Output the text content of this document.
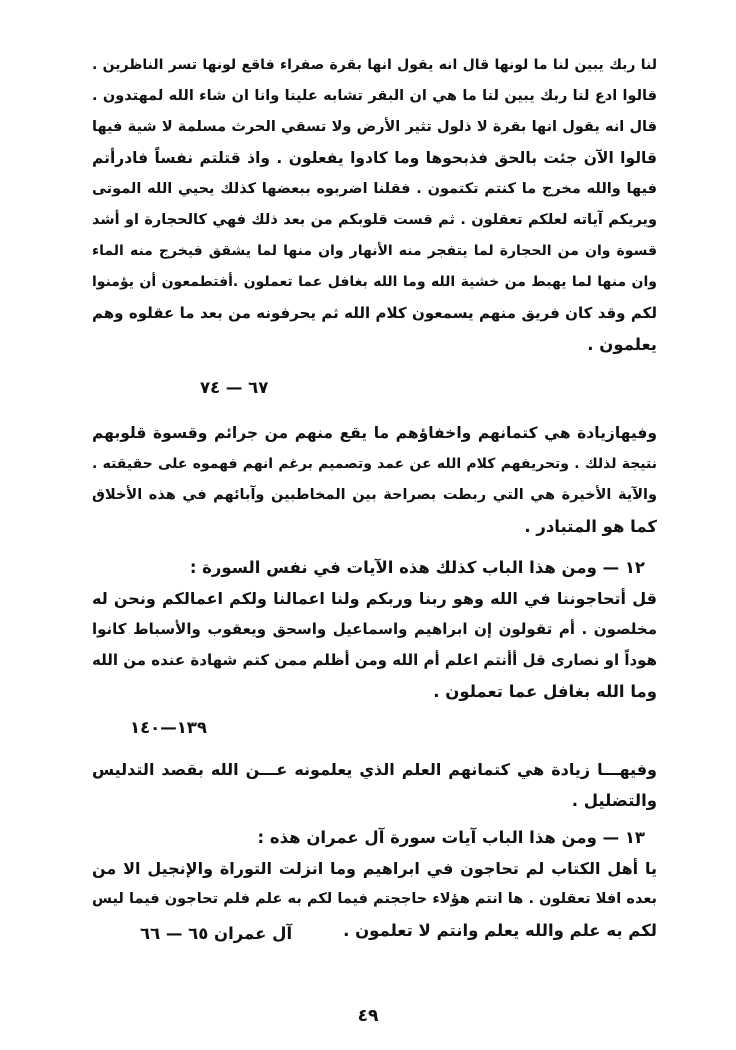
لنا ربك يبين لنا ما لونها قال انه يقول انها بقرة صفراء فاقع لونها تسر الناظرين .
قالوا ادع لنا ربك يبين لنا ما هي ان البقر تشابه علينا وانا ان شاء الله لمهتدون .
قال انه يقول انها بقرة لا ذلول تثير الأرض ولا تسقي الحرث مسلمة لا شية فيها
قالوا الآن جئت بالحق فذبحوها وما كادوا يفعلون . واذ قتلتم نفساً فادرأتم
فيها والله مخرج ما كنتم تكتمون . فقلنا اضربوه ببعضها كذلك يحيي الله الموتى
ويريكم آياته لعلكم تعقلون . ثم قست قلوبكم من بعد ذلك فهي كالحجارة او أشد
قسوة وان من الحجارة لما يتفجر منه الأنهار وان منها لما يشقق فيخرج منه الماء
وان منها لما يهبط من خشية الله وما الله بغافل عما تعملون .أفتطمعون أن يؤمنوا
لكم وقد كان فريق منهم يسمعون كلام الله ثم يحرفونه من بعد ما عقلوه وهم
يعلمون .
٦٧ — ٧٤
وفيهازيادة هي كتمانهم واخفاؤهم ما يقع منهم من جرائم وقسوة قلوبهم
نتيجة لذلك . وتحريفهم كلام الله عن عمد وتصميم برغم انهم فهموه على حقيقته .
والآية الأخيرة هي التي ربطت بصراحة بين المخاطبين وآبائهم في هذه الأخلاق
كما هو المتبادر .
١٢ — ومن هذا الباب كذلك هذه الآيات في نفس السورة :
قل أتحاجوننا في الله وهو ربنا وربكم ولنا اعمالنا ولكم اعمالكم ونحن له
مخلصون . أم تقولون إن ابراهيم واسماعيل واسحق ويعقوب والأسباط كانوا
هوداً او نصارى قل أأنتم اعلم أم الله ومن أظلم ممن كتم شهادة عنده من الله
وما الله بغافل عما تعملون .
١٣٩—١٤٠
وفيهـــا زيادة هي كتمانهم العلم الذي يعلمونه عـــن الله بقصد التدليس
والتضليل .
١٣ — ومن هذا الباب آيات سورة آل عمران هذه :
يا أهل الكتاب لم تحاجون في ابراهيم وما انزلت التوراة والإنجيل الا من
بعده افلا تعقلون . ها انتم هؤلاء حاججتم فيما لكم به علم فلم تحاجون فيما ليس
لكم به علم والله يعلم وانتم لا تعلمون .
آل عمران ٦٥ — ٦٦
٤٩
